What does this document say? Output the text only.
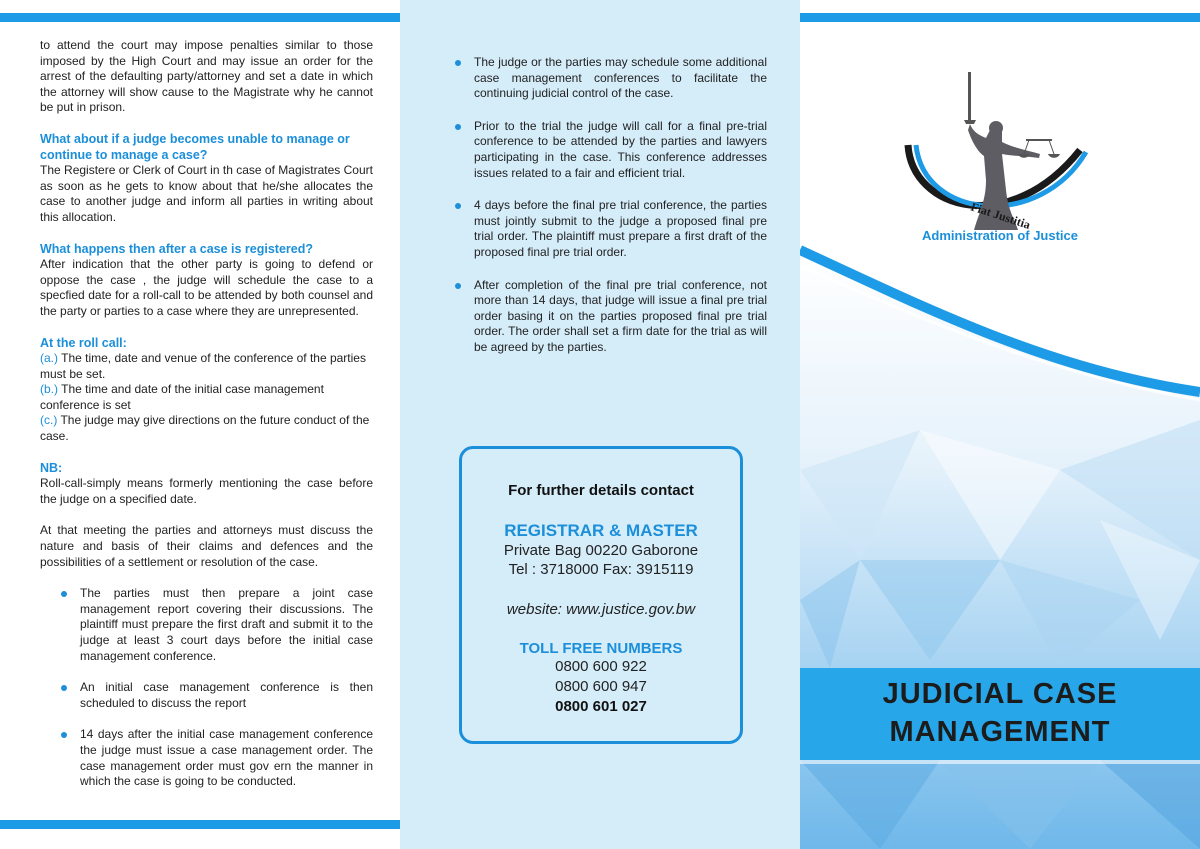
to attend the court may impose penalties similar to those imposed by the High Court and may issue an order for the arrest of the defaulting party/attorney and set a date in which the attorney will show cause to the Magistrate why he cannot be put in prison.

What about if a judge becomes unable to manage or continue to manage a case?

The Registere or Clerk of Court in th case of Magistrates Court as soon as he gets to know about that he/she allocates the case to another judge and inform all parties in writing about this allocation.

What happens then after a case is registered?

After indication that the other party is going to defend or oppose the case , the judge will schedule the case to a specfied date for a roll-call to be attended by both counsel and the party or parties to a case where they are unrepresented.

At the roll call:

(a.) The time, date and venue of the conference of the parties
must be set.

(b.) The time and date of the initial case management conference is set

(c.) The judge may give directions on the future conduct of the case.

NB:

Roll-call-simply means formerly mentioning the case before the judge on a specified date.

At that meeting the parties and attorneys must discuss the nature and basis of their claims and defences and the possibilities of a settlement or resolution of the case.

The parties must then prepare a joint case management report covering their discussions. The plaintiff must prepare the first draft and submit it to the judge at least 3 court days before the initial case management conference.
An initial case management conference is then scheduled to discuss the report
14 days after the initial case management conference the judge must issue a case management order. The case management order must gov ern the manner in which the case is going to be conducted.
The judge or the parties may schedule some additional case management conferences to facilitate the continuing judicial control of the case.
Prior to the trial the judge will call for a final pre-trial conference to be attended by the parties and lawyers participating in the case. This conference addresses issues related to a fair and efficient trial.
4 days before the final pre trial conference, the parties must jointly submit to the judge a proposed final pre trial order. The plaintiff must prepare a first draft of the proposed final pre trial order.
After completion of the final pre trial conference, not more than 14 days, that judge will issue a final pre trial order basing it on the parties proposed final pre trial order. The order shall set a firm date for the trial as will be agreed by the parties.
For further details contact
REGISTRAR & MASTER
Private Bag 00220 Gaborone
Tel : 3718000 Fax: 3915119
website: www.justice.gov.bw
TOLL FREE NUMBERS
0800 600 922
0800 600 947
0800 601 027
Fiat Justitia
Administration of Justice
JUDICIAL CASE
MANAGEMENT
